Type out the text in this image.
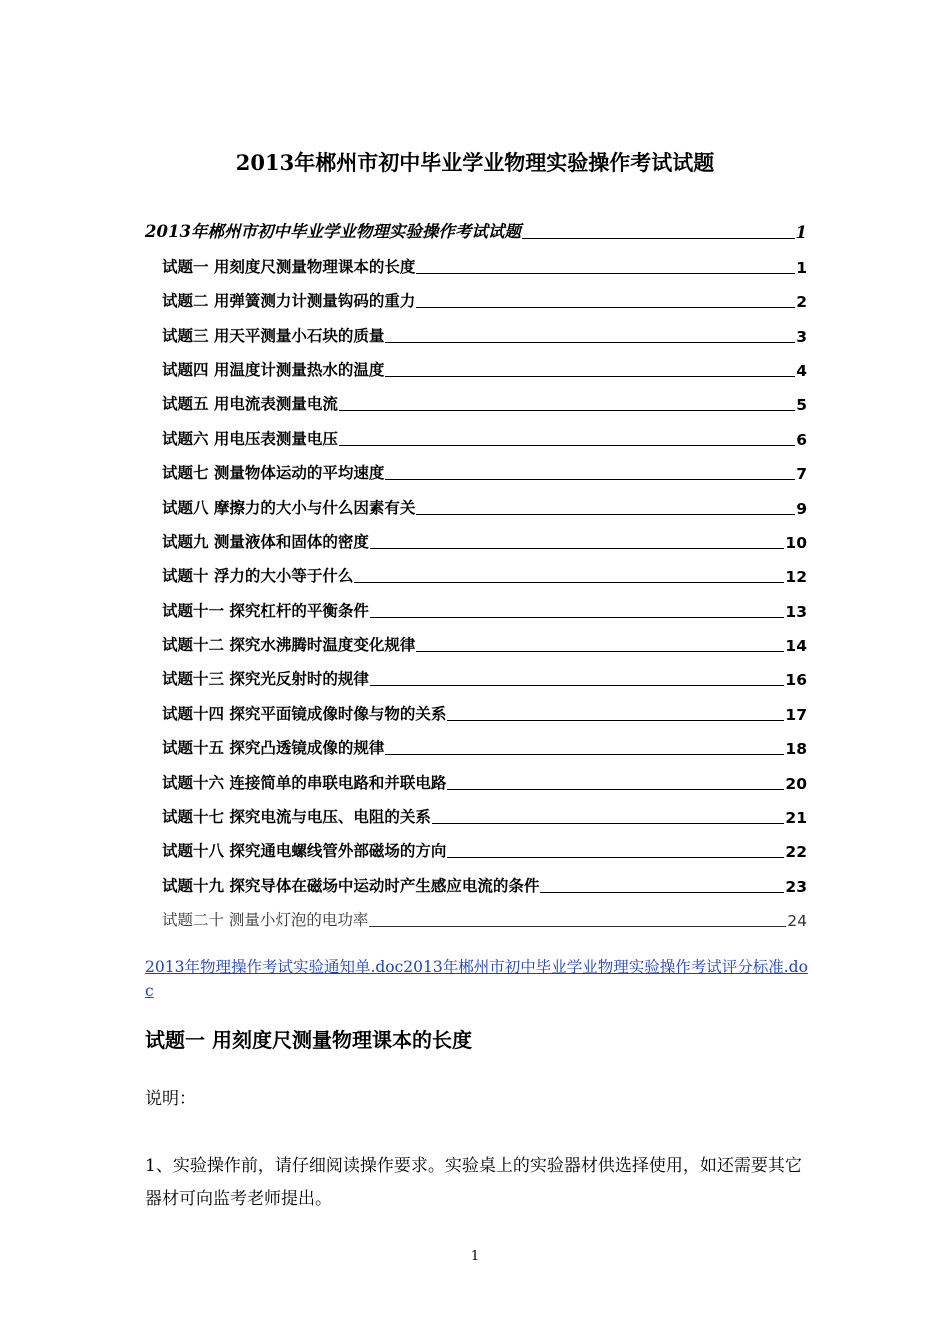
2013年郴州市初中毕业学业物理实验操作考试试题
2013年郴州市初中毕业学业物理实验操作考试试题	1
试题一 用刻度尺测量物理课本的长度	1
试题二 用弹簧测力计测量钩码的重力	2
试题三 用天平测量小石块的质量	3
试题四 用温度计测量热水的温度	4
试题五 用电流表测量电流	5
试题六 用电压表测量电压	6
试题七 测量物体运动的平均速度	7
试题八 摩擦力的大小与什么因素有关	9
试题九 测量液体和固体的密度	10
试题十 浮力的大小等于什么	12
试题十一 探究杠杆的平衡条件	13
试题十二 探究水沸腾时温度变化规律	14
试题十三 探究光反射时的规律	16
试题十四 探究平面镜成像时像与物的关系	17
试题十五 探究凸透镜成像的规律	18
试题十六 连接简单的串联电路和并联电路	20
试题十七 探究电流与电压、电阻的关系	21
试题十八 探究通电螺线管外部磁场的方向	22
试题十九 探究导体在磁场中运动时产生感应电流的条件	23
试题二十 测量小灯泡的电功率	24

2013年物理操作考试实验通知单.doc2013年郴州市初中毕业学业物理实验操作考试评分标准.doc

试题一 用刻度尺测量物理课本的长度

说明：

1、实验操作前，请仔细阅读操作要求。实验桌上的实验器材供选择使用，如还需要其它器材可向监考老师提出。

1
